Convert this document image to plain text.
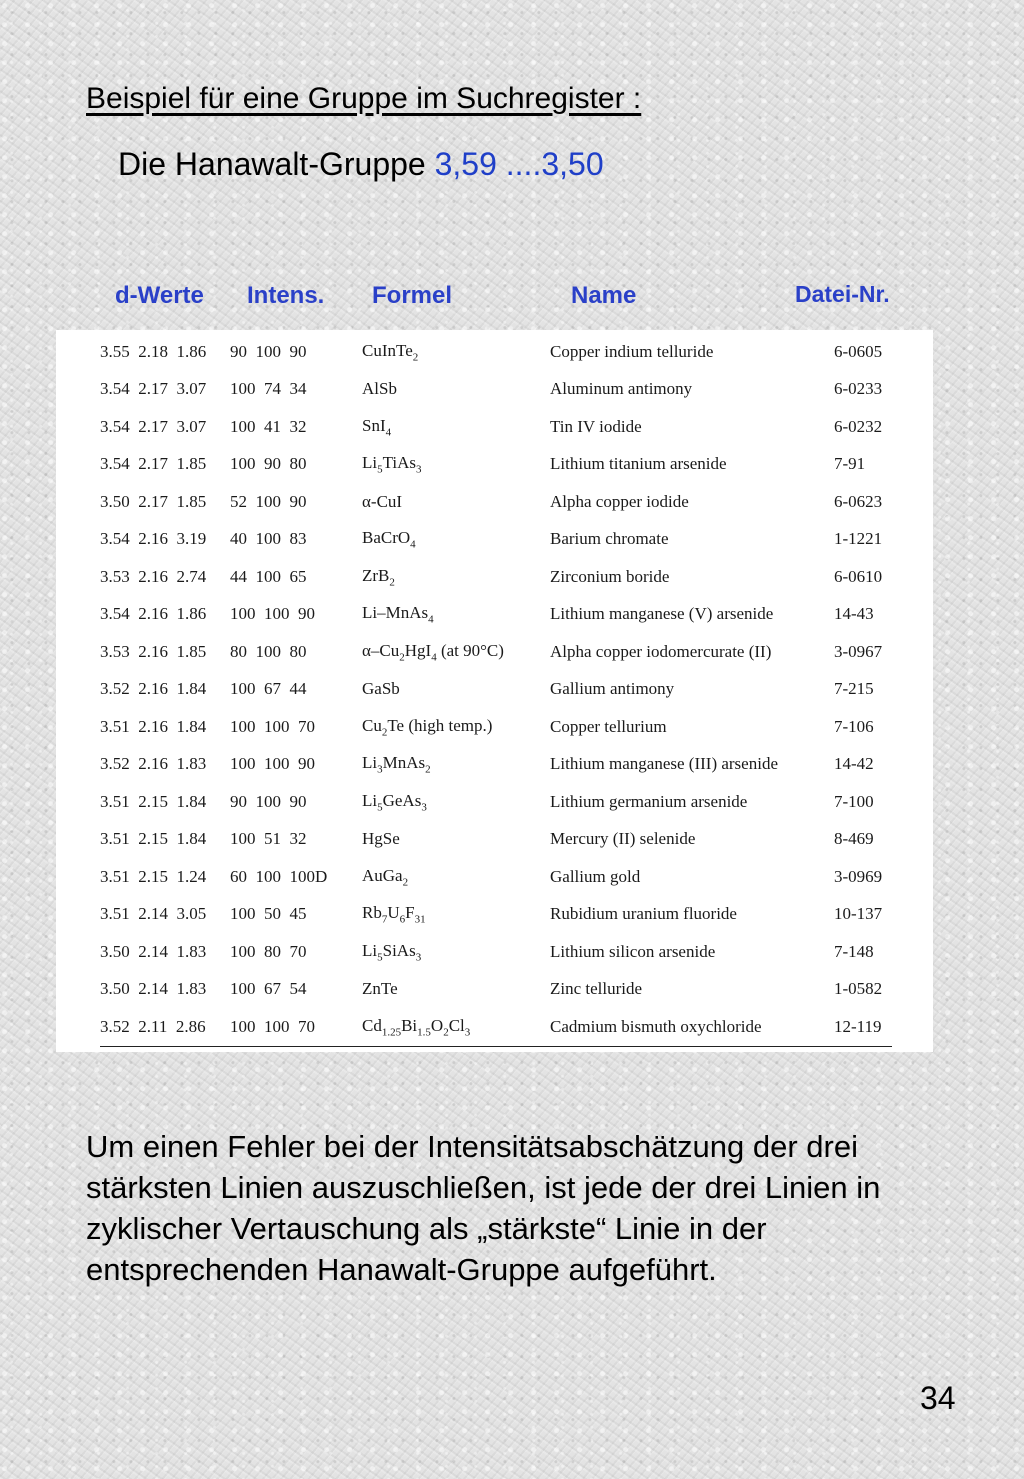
Beispiel für eine Gruppe im Suchregister :
Die Hanawalt-Gruppe 3,59 ....3,50
d-Werte Intens. Formel	Name	Datei-Nr.
3.55  2.18  1.86	90  100  90	CuInTe$_2$	Copper indium telluride	6-0605
3.54  2.17  3.07	100  74  34	AlSb	Aluminum antimony	6-0233
3.54  2.17  3.07	100  41  32	SnI$_4$	Tin IV iodide	6-0232
3.54  2.17  1.85	100  90  80	$Li_5TiAs_3$	Lithium titanium arsenide	7-91
3.50  2.17  1.85	52  100  90	α-CuI	Alpha copper iodide	6-0623
3.54  2.16  3.19	40  100  83	BaCrO$_4$	Barium chromate	1-1221
3.53  2.16  2.74	44  100  65	ZrB$_2$	Zirconium boride	6-0610
3.54  2.16  1.86	100  100  90	Li–MnAs$_4$	Lithium manganese (V) arsenide	14-43
3.53  2.16  1.85	80  100  80	$\alpha-Cu_2HgI_4$ (at 90°C)	Alpha copper iodomercurate (II)	3-0967
3.52  2.16  1.84	100  67  44	GaSb	Gallium antimony	7-215
3.51  2.16  1.84	100  100  70	$Cu_2Te$ (high temp.)	Copper tellurium	7-106
3.52  2.16  1.83	100  100  90	$Li_3MnAs_2$	Lithium manganese (III) arsenide	14-42
3.51  2.15  1.84	90  100  90	$Li_5GeAs_3$	Lithium germanium arsenide	7-100
3.51  2.15  1.84	100  51  32	HgSe	Mercury (II) selenide	8-469
3.51  2.15  1.24	60  100  100D	AuGa$_2$	Gallium gold	3-0969
3.51  2.14  3.05	100  50  45	$Rb_7U_6F_{31}$	Rubidium uranium fluoride	10-137
3.50  2.14  1.83	100  80  70	$Li_5SiAs_3$	Lithium silicon arsenide	7-148
3.50  2.14  1.83	100  67  54	ZnTe	Zinc telluride	1-0582
3.52  2.11  2.86	100  100  70	$Cd_{1.25}Bi_{1.5}O_2Cl_3$	Cadmium bismuth oxychloride	12-119

Um einen Fehler bei der Intensitätsabschätzung der drei stärksten Linien auszuschließen, ist jede der drei Linien in zyklischer Vertauschung als „stärkste“ Linie in der entsprechenden Hanawalt-Gruppe aufgeführt.

34
